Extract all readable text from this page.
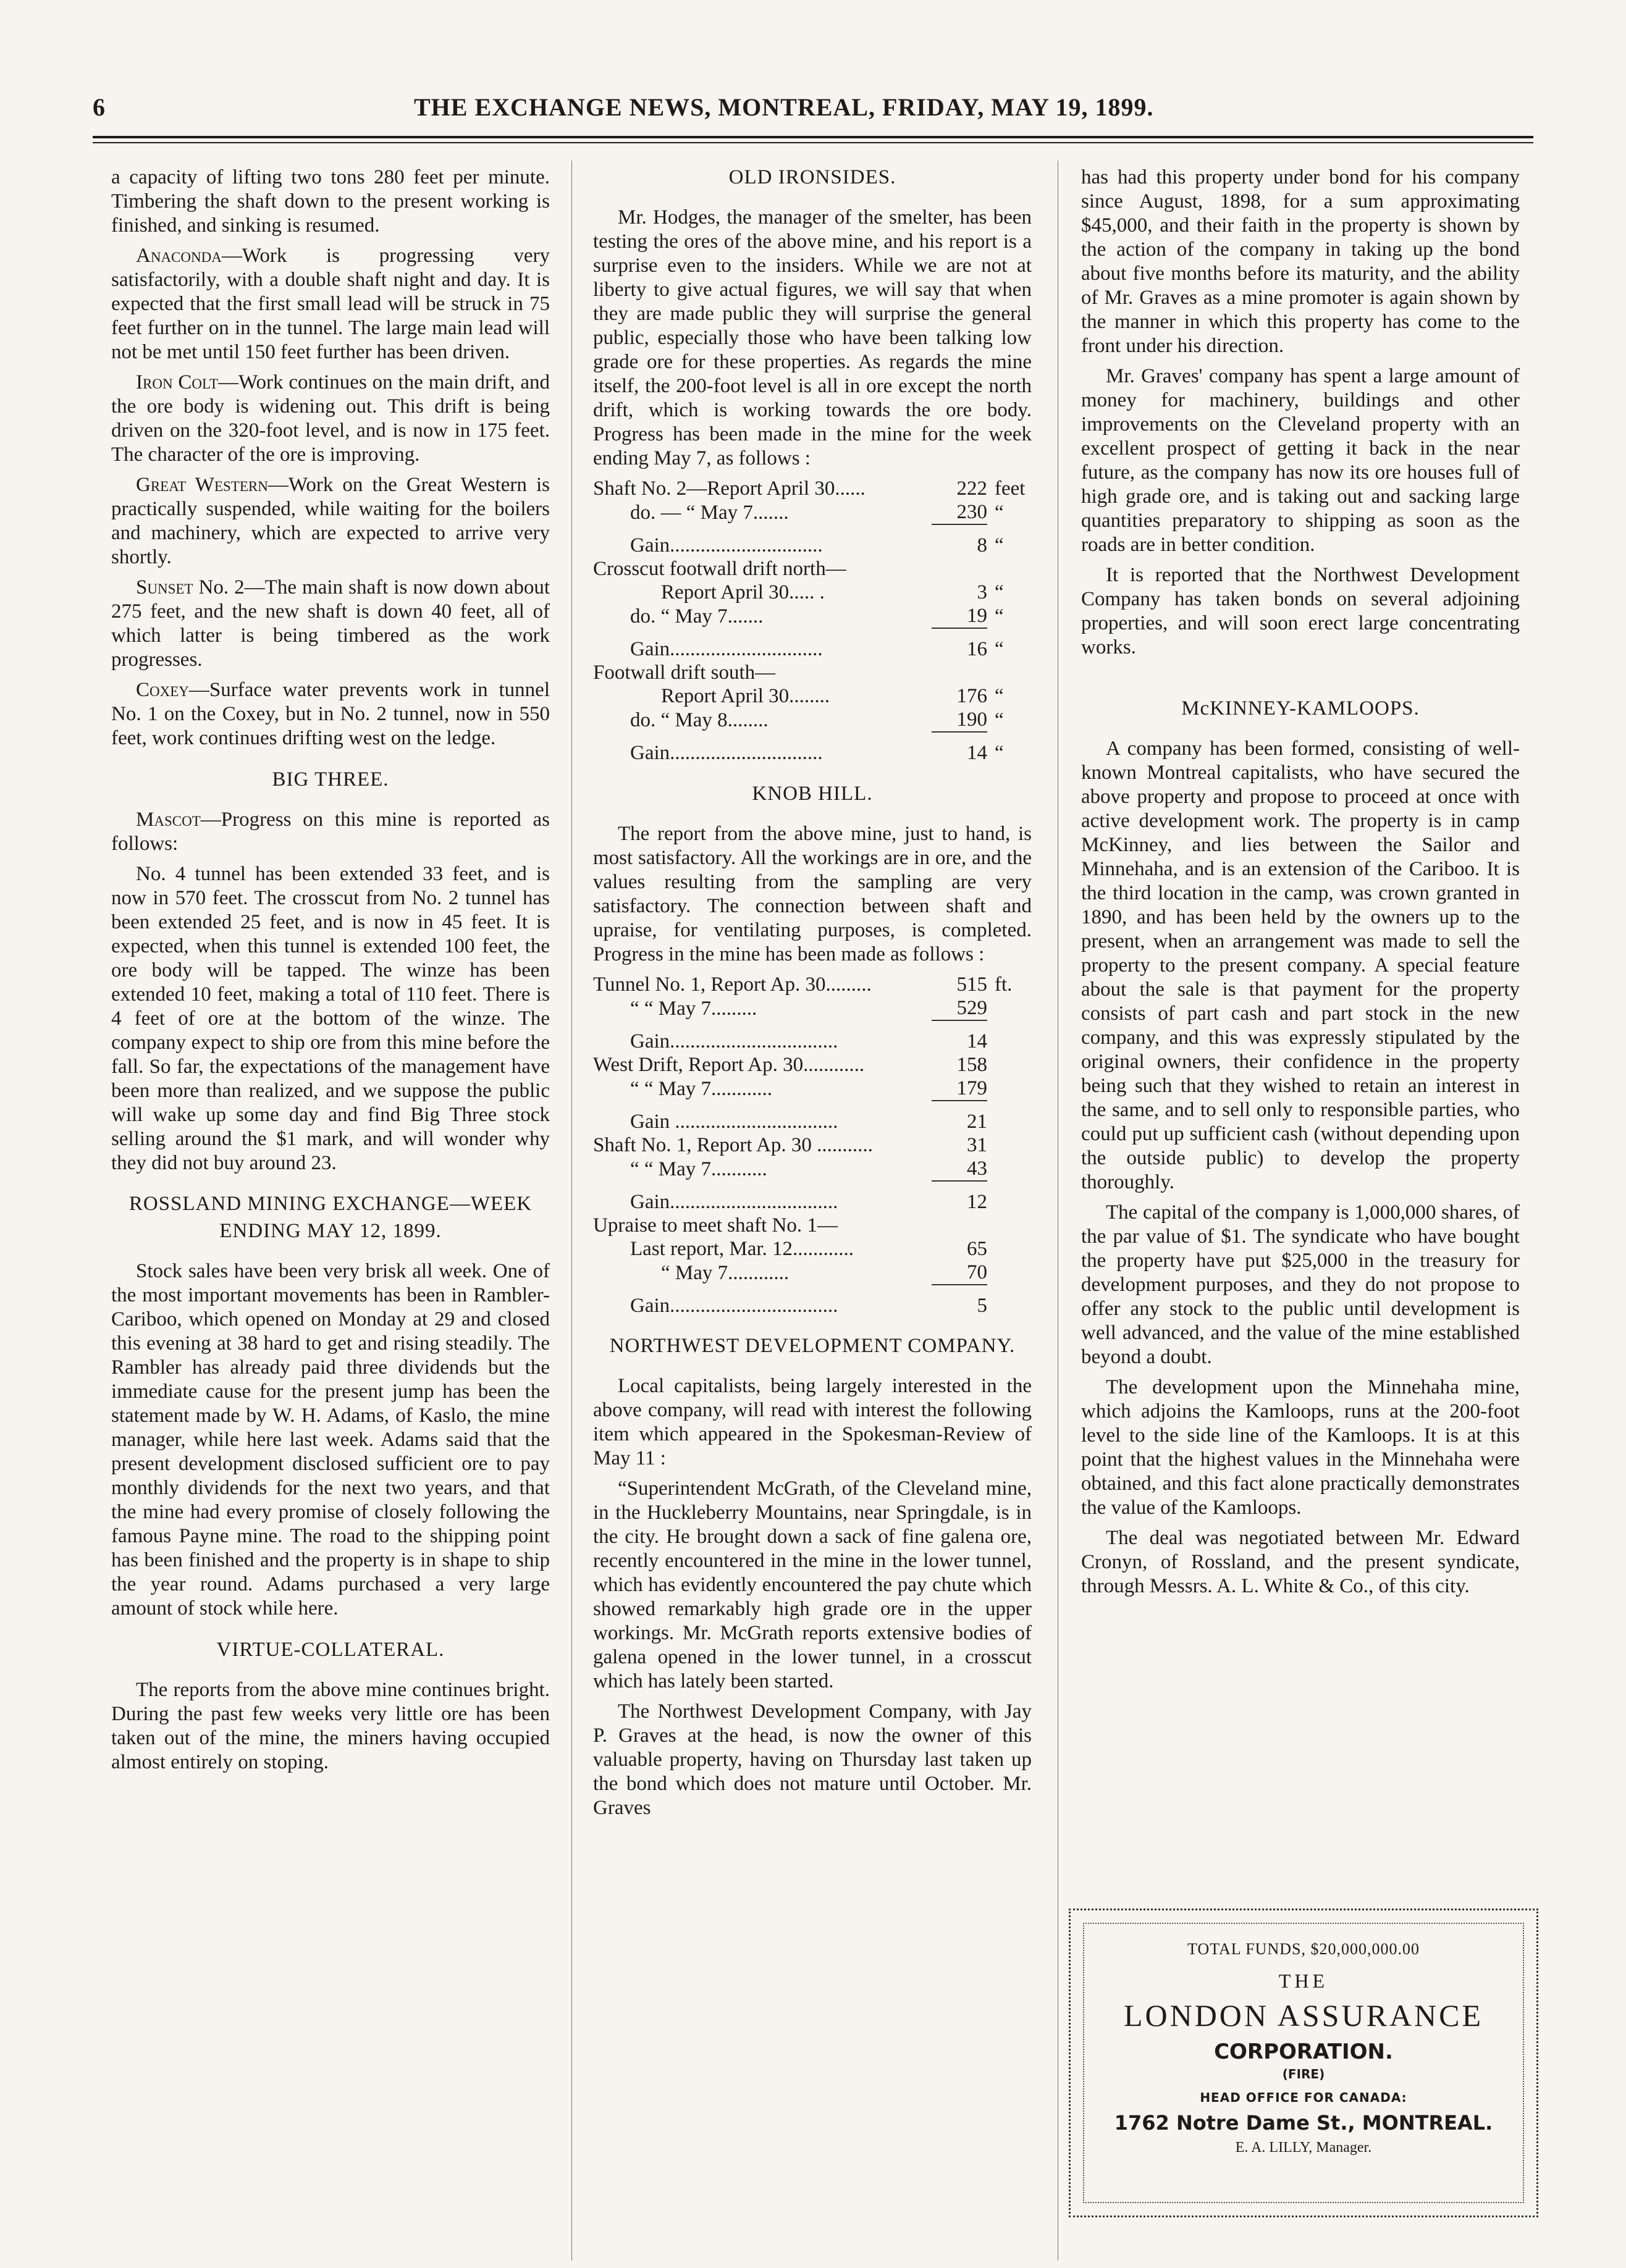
6	THE EXCHANGE NEWS, MONTREAL, FRIDAY, MAY 19, 1899.

a capacity of lifting two tons 280 feet per minute. Timbering the shaft down to the present working is finished, and sinking is resumed.

Anaconda—Work is progressing very satisfactorily, with a double shaft night and day. It is expected that the first small lead will be struck in 75 feet further on in the tunnel. The large main lead will not be met until 150 feet further has been driven.

Iron Colt—Work continues on the main drift, and the ore body is widening out. This drift is being driven on the 320-foot level, and is now in 175 feet. The character of the ore is improving.

Great Western—Work on the Great Western is practically suspended, while waiting for the boilers and machinery, which are expected to arrive very shortly.

Sunset No. 2—The main shaft is now down about 275 feet, and the new shaft is down 40 feet, all of which latter is being timbered as the work progresses.

Coxey—Surface water prevents work in tunnel No. 1 on the Coxey, but in No. 2 tunnel, now in 550 feet, work continues drifting west on the ledge.

BIG THREE.

Mascot—Progress on this mine is reported as follows:

No. 4 tunnel has been extended 33 feet, and is now in 570 feet. The crosscut from No. 2 tunnel has been extended 25 feet, and is now in 45 feet. It is expected, when this tunnel is extended 100 feet, the ore body will be tapped. The winze has been extended 10 feet, making a total of 110 feet. There is 4 feet of ore at the bottom of the winze. The company expect to ship ore from this mine before the fall. So far, the expectations of the management have been more than realized, and we suppose the public will wake up some day and find Big Three stock selling around the $1 mark, and will wonder why they did not buy around 23.

ROSSLAND MINING EXCHANGE—WEEK ENDING MAY 12, 1899.

Stock sales have been very brisk all week. One of the most important movements has been in Rambler-Cariboo, which opened on Monday at 29 and closed this evening at 38 hard to get and rising steadily. The Rambler has already paid three dividends but the immediate cause for the present jump has been the statement made by W. H. Adams, of Kaslo, the mine manager, while here last week. Adams said that the present development disclosed sufficient ore to pay monthly dividends for the next two years, and that the mine had every promise of closely following the famous Payne mine. The road to the shipping point has been finished and the property is in shape to ship the year round. Adams purchased a very large amount of stock while here.

VIRTUE-COLLATERAL.

The reports from the above mine continues bright. During the past few weeks very little ore has been taken out of the mine, the miners having occupied almost entirely on stoping.

OLD IRONSIDES.

Mr. Hodges, the manager of the smelter, has been testing the ores of the above mine, and his report is a surprise even to the insiders. While we are not at liberty to give actual figures, we will say that when they are made public they will surprise the general public, especially those who have been talking low grade ore for these properties. As regards the mine itself, the 200-foot level is all in ore except the north drift, which is working towards the ore body. Progress has been made in the mine for the week ending May 7, as follows :

Shaft No. 2—Report April 30......	222	feet
do. — “ May 7.......	230	“
Gain..............................	8	“
Crosscut footwall drift north—		
Report April 30..... .	3	“
do. “ May 7.......	19	“
Gain..............................	16	“
Footwall drift south—		
Report April 30........	176	“
do. “ May 8........	190	“
Gain..............................	14	“
KNOB HILL.

The report from the above mine, just to hand, is most satisfactory. All the workings are in ore, and the values resulting from the sampling are very satisfactory. The connection between shaft and upraise, for ventilating purposes, is completed. Progress in the mine has been made as follows :

Tunnel No. 1, Report Ap. 30.........	515	ft.
“ “ May 7.........	529	
Gain.................................	14	
West Drift, Report Ap. 30............	158	
“ “ May 7............	179	
Gain ................................	21	
Shaft No. 1, Report Ap. 30 ...........	31	
“ “ May 7...........	43	
Gain.................................	12	
Upraise to meet shaft No. 1—		
Last report, Mar. 12............	65	
“ May 7............	70	
Gain.................................	5	
NORTHWEST DEVELOPMENT COMPANY.

Local capitalists, being largely interested in the above company, will read with interest the following item which appeared in the Spokesman-Review of May 11 :

“Superintendent McGrath, of the Cleveland mine, in the Huckleberry Mountains, near Springdale, is in the city. He brought down a sack of fine galena ore, recently encountered in the mine in the lower tunnel, which has evidently encountered the pay chute which showed remarkably high grade ore in the upper workings. Mr. McGrath reports extensive bodies of galena opened in the lower tunnel, in a crosscut which has lately been started.

The Northwest Development Company, with Jay P. Graves at the head, is now the owner of this valuable property, having on Thursday last taken up the bond which does not mature until October. Mr. Graves

has had this property under bond for his company since August, 1898, for a sum approximating $45,000, and their faith in the property is shown by the action of the company in taking up the bond about five months before its maturity, and the ability of Mr. Graves as a mine promoter is again shown by the manner in which this property has come to the front under his direction.

Mr. Graves' company has spent a large amount of money for machinery, buildings and other improvements on the Cleveland property with an excellent prospect of getting it back in the near future, as the company has now its ore houses full of high grade ore, and is taking out and sacking large quantities preparatory to shipping as soon as the roads are in better condition.

It is reported that the Northwest Development Company has taken bonds on several adjoining properties, and will soon erect large concentrating works.

McKINNEY-KAMLOOPS.

A company has been formed, consisting of well-known Montreal capitalists, who have secured the above property and propose to proceed at once with active development work. The property is in camp McKinney, and lies between the Sailor and Minnehaha, and is an extension of the Cariboo. It is the third location in the camp, was crown granted in 1890, and has been held by the owners up to the present, when an arrangement was made to sell the property to the present company. A special feature about the sale is that payment for the property consists of part cash and part stock in the new company, and this was expressly stipulated by the original owners, their confidence in the property being such that they wished to retain an interest in the same, and to sell only to responsible parties, who could put up sufficient cash (without depending upon the outside public) to develop the property thoroughly.

The capital of the company is 1,000,000 shares, of the par value of $1. The syndicate who have bought the property have put $25,000 in the treasury for development purposes, and they do not propose to offer any stock to the public until development is well advanced, and the value of the mine established beyond a doubt.

The development upon the Minnehaha mine, which adjoins the Kamloops, runs at the 200-foot level to the side line of the Kamloops. It is at this point that the highest values in the Minnehaha were obtained, and this fact alone practically demonstrates the value of the Kamloops.

The deal was negotiated between Mr. Edward Cronyn, of Rossland, and the present syndicate, through Messrs. A. L. White & Co., of this city.

TOTAL FUNDS, $20,000,000.00
THE
LONDON ASSURANCE
CORPORATION.
(FIRE)
HEAD OFFICE FOR CANADA:
1762 Notre Dame St., MONTREAL.
E. A. LILLY, Manager.
